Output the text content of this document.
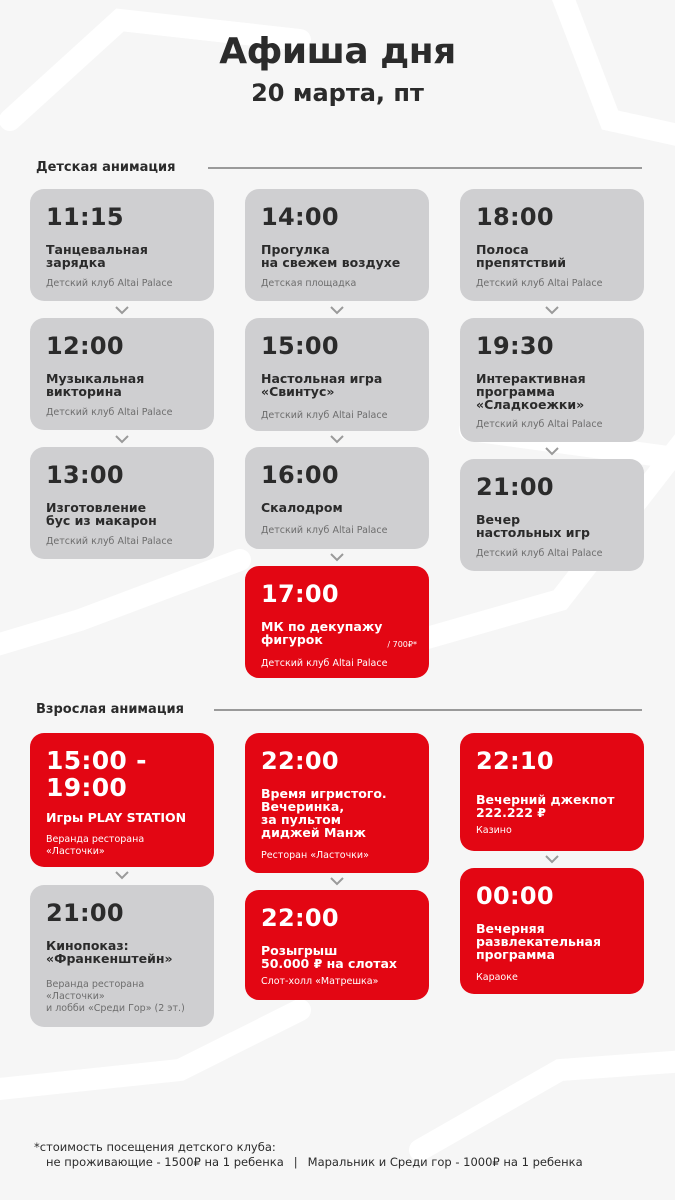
Афиша дня
20 марта, пт
Детская анимация
11:15
Танцевальная
зарядка
Детский клуб Altai Palace
12:00
Музыкальная
викторина
Детский клуб Altai Palace
13:00
Изготовление
бус из макарон
Детский клуб Altai Palace
14:00
Прогулка
на свежем воздухе
Детская площадка
15:00
Настольная игра
«Свинтус»
Детский клуб Altai Palace
16:00
Скалодром
Детский клуб Altai Palace
17:00
МК по декупажу
фигурок	/ 700₽*
Детский клуб Altai Palace
18:00
Полоса
препятствий
Детский клуб Altai Palace
19:30
Интерактивная
программа
«Сладкоежки»
Детский клуб Altai Palace
21:00
Вечер
настольных игр
Детский клуб Altai Palace
Взрослая анимация
15:00 -
19:00
Игры PLAY STATION
Веранда ресторана
«Ласточки»
21:00
Кинопоказ:
«Франкенштейн»
Веранда ресторана
«Ласточки»
и лобби «Среди Гор» (2 эт.)
22:00
Время игристого.
Вечеринка,
за пультом
диджей Манж
Ресторан «Ласточки»
22:00
Розыгрыш
50.000 ₽ на слотах
Слот-холл «Матрешка»
22:10
Вечерний джекпот
222.222 ₽
Казино
00:00
Вечерняя
развлекательная
программа
Караоке
*стоимость посещения детского клуба:
не проживающие - 1500₽ на 1 ребенка | Маральник и Среди гор - 1000₽ на 1 ребенка
